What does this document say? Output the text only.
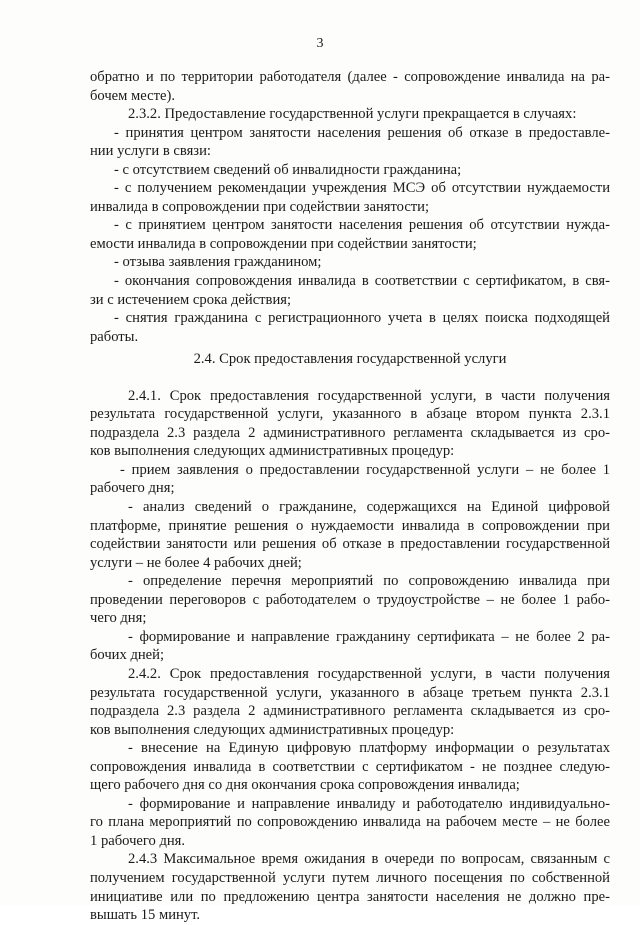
3
обратно и по территории работодателя (далее - сопровождение инвалида на ра-
бочем месте).
2.3.2. Предоставление государственной услуги прекращается в случаях:
- принятия центром занятости населения решения об отказе в предоставле-
нии услуги в связи:
- с отсутствием сведений об инвалидности гражданина;
- с получением рекомендации учреждения МСЭ об отсутствии нуждаемости
инвалида в сопровождении при содействии занятости;
- с принятием центром занятости населения решения об отсутствии нужда-
емости инвалида в сопровождении при содействии занятости;
- отзыва заявления гражданином;
- окончания сопровождения инвалида в соответствии с сертификатом, в свя-
зи с истечением срока действия;
- снятия гражданина с регистрационного учета в целях поиска подходящей
работы.
2.4. Срок предоставления государственной услуги
2.4.1. Срок предоставления государственной услуги, в части получения
результата государственной услуги, указанного в абзаце втором пункта 2.3.1
подраздела 2.3 раздела 2 административного регламента складывается из сро-
ков выполнения следующих административных процедур:
- прием заявления о предоставлении государственной услуги – не более 1
рабочего дня;
- анализ сведений о гражданине, содержащихся на Единой цифровой
платформе, принятие решения о нуждаемости инвалида в сопровождении при
содействии занятости или решения об отказе в предоставлении государственной
услуги – не более 4 рабочих дней;
- определение перечня мероприятий по сопровождению инвалида при
проведении переговоров с работодателем о трудоустройстве – не более 1 рабо-
чего дня;
- формирование и направление гражданину сертификата – не более 2 ра-
бочих дней;
2.4.2. Срок предоставления государственной услуги, в части получения
результата государственной услуги, указанного в абзаце третьем пункта 2.3.1
подраздела 2.3 раздела 2 административного регламента складывается из сро-
ков выполнения следующих административных процедур:
- внесение на Единую цифровую платформу информации о результатах
сопровождения инвалида в соответствии с сертификатом - не позднее следую-
щего рабочего дня со дня окончания срока сопровождения инвалида;
- формирование и направление инвалиду и работодателю индивидуально-
го плана мероприятий по сопровождению инвалида на рабочем месте – не более
1 рабочего дня.
2.4.3 Максимальное время ожидания в очереди по вопросам, связанным с
получением государственной услуги путем личного посещения по собственной
инициативе или по предложению центра занятости населения не должно пре-
вышать 15 минут.
